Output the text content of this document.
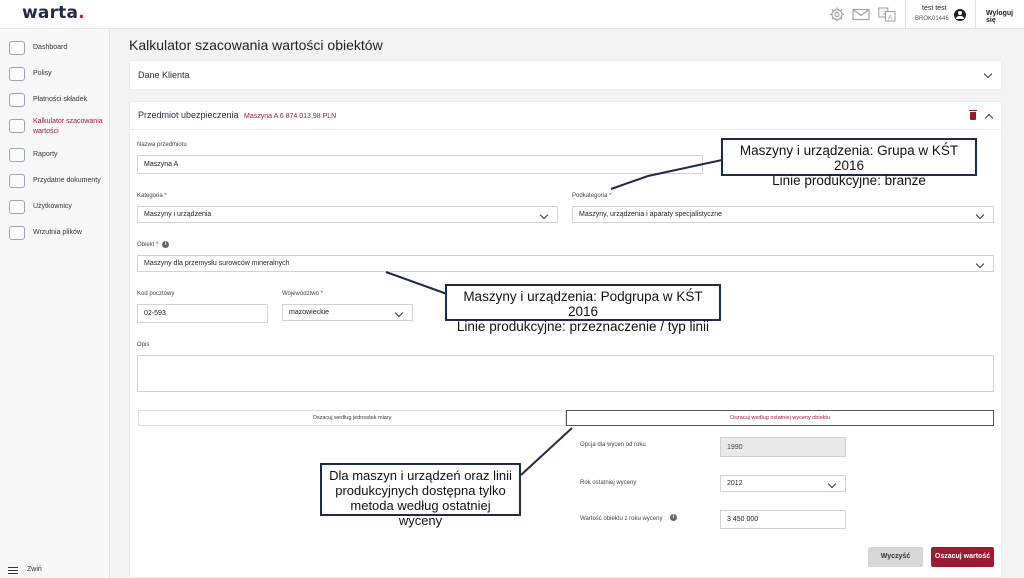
warta.	文
A
test test
BROK01446
Wyloguj się
Dashboard
Polisy
Płatności składek
Kalkulator szacowania wartości
Raporty
Przydatne dokumenty
Użytkownicy
Wrzutnia plików
Zwiń
Kalkulator szacowania wartości obiektów
Dane Klienta
Przedmiot ubezpieczenia Maszyna A 6 874 013,98 PLN
Nazwa przedmiotu
Maszyna A
Kategoria *
Maszyny i urządzenia
Podkategoria *
Maszyny, urządzenia i aparaty specjalistyczne
Obiekt *	i
Maszyny dla przemysłu surowców mineralnych
Kod pocztowy
02-593
Województwo *
mazowieckie
Opis
Oszacuj według jednostek miary	Oszacuj według ostatniej wyceny obiektu
Opcja dla wycen od roku	1990
Rok ostatniej wyceny	2012
Wartość obiektu z roku wyceny	i	3 450 000
Wyczyść	Oszacuj wartość
Maszyny i urządzenia: Grupa w KŚT 2016
Linie produkcyjne: branże
Maszyny i urządzenia: Podgrupa w KŚT 2016
Linie produkcyjne: przeznaczenie / typ linii
Dla maszyn i urządzeń oraz linii
produkcyjnych dostępna tylko
metoda według ostatniej wyceny
